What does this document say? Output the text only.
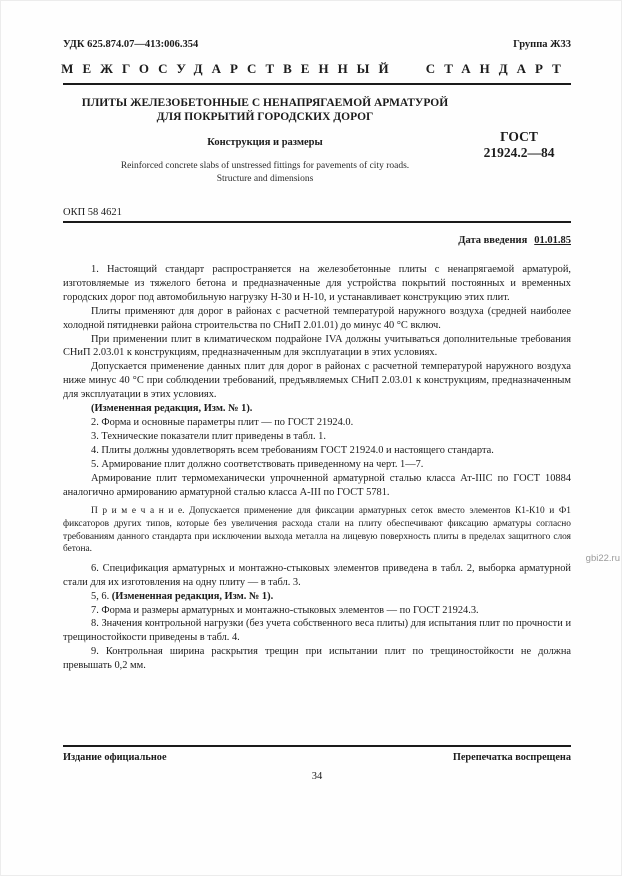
УДК 625.874.07—413:006.354	Группа Ж33
МЕЖГОСУДАРСТВЕННЫЙ СТАНДАРТ
ПЛИТЫ ЖЕЛЕЗОБЕТОННЫЕ С НЕНАПРЯГАЕМОЙ АРМАТУРОЙ
ДЛЯ ПОКРЫТИЙ ГОРОДСКИХ ДОРОГ
Конструкция и размеры
Reinforced concrete slabs of unstressed fittings for pavements of city roads.
Structure and dimensions
ГОСТ
21924.2—84
ОКП 58 4621
Дата введения 01.01.85

1. Настоящий стандарт распространяется на железобетонные плиты с ненапрягаемой арматурой, изготовляемые из тяжелого бетона и предназначенные для устройства покрытий постоянных и временных городских дорог под автомобильную нагрузку Н-30 и Н-10, и устанавливает конструкцию этих плит.

Плиты применяют для дорог в районах с расчетной температурой наружного воздуха (средней наиболее холодной пятидневки района строительства по СНиП 2.01.01) до минус 40 °С включ.

При применении плит в климатическом подрайоне IVA должны учитываться дополнительные требования СНиП 2.03.01 к конструкциям, предназначенным для эксплуатации в этих условиях.

Допускается применение данных плит для дорог в районах с расчетной температурой наружного воздуха ниже минус 40 °С при соблюдении требований, предъявляемых СНиП 2.03.01 к конструкциям, предназначенным для эксплуатации в этих условиях.

(Измененная редакция, Изм. № 1).

2. Форма и основные параметры плит — по ГОСТ 21924.0.

3. Технические показатели плит приведены в табл. 1.

4. Плиты должны удовлетворять всем требованиям ГОСТ 21924.0 и настоящего стандарта.

5. Армирование плит должно соответствовать приведенному на черт. 1—7.

Армирование плит термомеханически упрочненной арматурной сталью класса Ат-IIIC по ГОСТ 10884 аналогично армированию арматурной сталью класса А-III по ГОСТ 5781.

П р и м е ч а н и е. Допускается применение для фиксации арматурных сеток вместо элементов К1-К10 и Ф1 фиксаторов других типов, которые без увеличения расхода стали на плиту обеспечивают фиксацию арматуры согласно требованиям данного стандарта при исключении выхода металла на лицевую поверхность плиты в пределах защитного слоя бетона.

6. Спецификация арматурных и монтажно-стыковых элементов приведена в табл. 2, выборка арматурной стали для их изготовления на одну плиту — в табл. 3.

5, 6. (Измененная редакция, Изм. № 1).

7. Форма и размеры арматурных и монтажно-стыковых элементов — по ГОСТ 21924.3.

8. Значения контрольной нагрузки (без учета собственного веса плиты) для испытания плит по прочности и трещиностойкости приведены в табл. 4.

9. Контрольная ширина раскрытия трещин при испытании плит по трещиностойкости не должна превышать 0,2 мм.

Издание официальное	Перепечатка воспрещена
34
gbi22.ru
